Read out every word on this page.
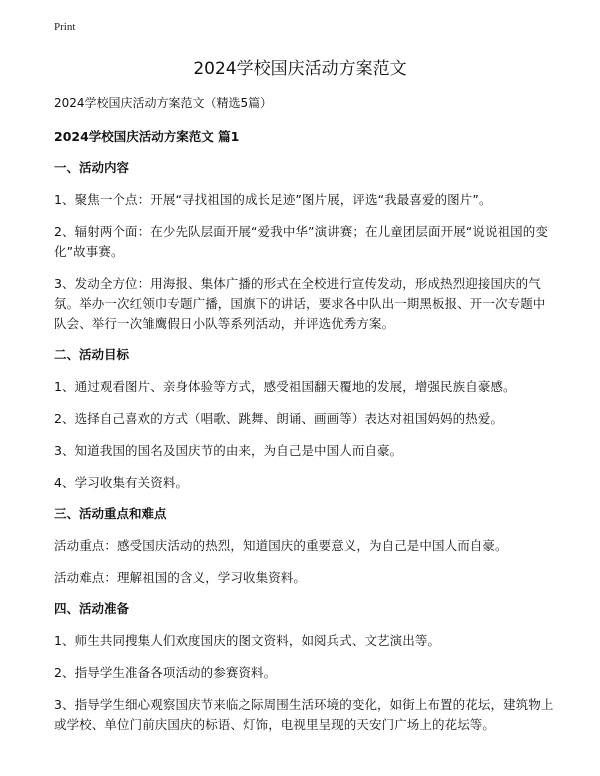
Print
2024学校国庆活动方案范文

2024学校国庆活动方案范文（精选5篇）

2024学校国庆活动方案范文 篇1

一、活动内容

1、聚焦一个点：开展“寻找祖国的成长足迹”图片展，评选“我最喜爱的图片”。

2、辐射两个面：在少先队层面开展“爱我中华”演讲赛；在儿童团层面开展“说说祖国的变化”故事赛。

3、发动全方位：用海报、集体广播的形式在全校进行宣传发动，形成热烈迎接国庆的气氛。举办一次红领巾专题广播，国旗下的讲话，要求各中队出一期黑板报、开一次专题中队会、举行一次雏鹰假日小队等系列活动，并评选优秀方案。

二、活动目标

1、通过观看图片、亲身体验等方式，感受祖国翻天覆地的发展，增强民族自豪感。

2、选择自己喜欢的方式（唱歌、跳舞、朗诵、画画等）表达对祖国妈妈的热爱。

3、知道我国的国名及国庆节的由来，为自己是中国人而自豪。

4、学习收集有关资料。

三、活动重点和难点

活动重点：感受国庆活动的热烈，知道国庆的重要意义，为自己是中国人而自豪。

活动难点：理解祖国的含义，学习收集资料。

四、活动准备

1、师生共同搜集人们欢度国庆的图文资料，如阅兵式、文艺演出等。

2、指导学生准备各项活动的参赛资料。

3、指导学生细心观察国庆节来临之际周围生活环境的变化，如街上布置的花坛，建筑物上或学校、单位门前庆国庆的标语、灯饰，电视里呈现的天安门广场上的花坛等。
